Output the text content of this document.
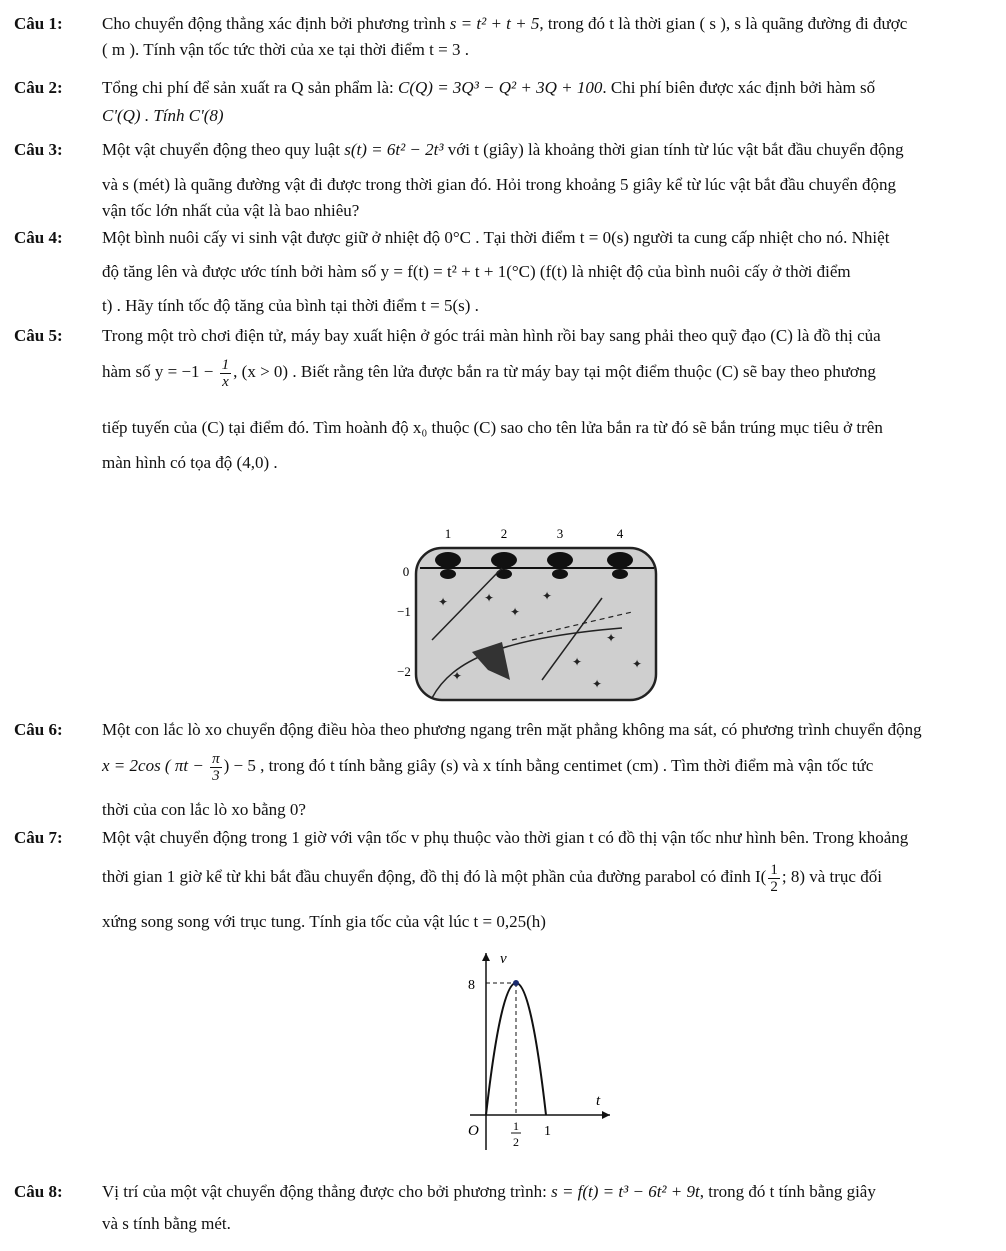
Câu 1: Cho chuyển động thẳng xác định bởi phương trình s = t² + t + 5, trong đó t là thời gian ( s ), s là quãng đường đi được
( m ). Tính vận tốc tức thời của xe tại thời điểm t = 3 .
Câu 2: Tổng chi phí để sản xuất ra Q sản phẩm là: C(Q) = 3Q³ − Q² + 3Q + 100. Chi phí biên được xác định bởi hàm số
C'(Q) . Tính C'(8)
Câu 3: Một vật chuyển động theo quy luật s(t) = 6t² − 2t³ với t (giây) là khoảng thời gian tính từ lúc vật bắt đầu chuyển động
và s (mét) là quãng đường vật đi được trong thời gian đó. Hỏi trong khoảng 5 giây kể từ lúc vật bắt đầu chuyển động
vận tốc lớn nhất của vật là bao nhiêu?
Câu 4: Một bình nuôi cấy vi sinh vật được giữ ở nhiệt độ 0°C . Tại thời điểm t = 0(s) người ta cung cấp nhiệt cho nó. Nhiệt
độ tăng lên và được ước tính bởi hàm số y = f(t) = t² + t + 1(°C) (f(t) là nhiệt độ của bình nuôi cấy ở thời điểm
t) . Hãy tính tốc độ tăng của bình tại thời điểm t = 5(s) .
Câu 5: Trong một trò chơi điện tử, máy bay xuất hiện ở góc trái màn hình rồi bay sang phải theo quỹ đạo (C) là đồ thị của
hàm số $y = -1 - \frac{1}{x}$ , (x > 0) . Biết rằng tên lửa được bắn ra từ máy bay tại một điểm thuộc (C) sẽ bay theo phương
tiếp tuyến của (C) tại điểm đó. Tìm hoành độ x₀ thuộc (C) sao cho tên lửa bắn ra từ đó sẽ bắn trúng mục tiêu ở trên
màn hình có tọa độ (4,0) .
1	2	3	4
0
−1
−2
✦	✦	✦
✦
✦
✦
✦
✦
✦
Câu 6: Một con lắc lò xo chuyển động điều hòa theo phương ngang trên mặt phẳng không ma sát, có phương trình chuyển động
x = 2cos ( $\pi t - \frac{\pi}{3}$ ) − 5 , trong đó t tính bằng giây (s) và x tính bằng centimet (cm) . Tìm thời điểm mà vận tốc tức
thời của con lắc lò xo bằng 0?
Câu 7: Một vật chuyển động trong 1 giờ với vận tốc v phụ thuộc vào thời gian t có đồ thị vận tốc như hình bên. Trong khoảng
thời gian 1 giờ kể từ khi bắt đầu chuyển động, đồ thị đó là một phần của đường parabol có đỉnh $I( \frac{1}{2}$ ; 8) và trục đối
xứng song song với trục tung. Tính gia tốc của vật lúc t = 0,25(h)
v
t
O
8
1
1
2
Câu 8: Vị trí của một vật chuyển động thẳng được cho bởi phương trình: s = f(t) = t³ − 6t² + 9t, trong đó t tính bằng giây
và s tính bằng mét.
